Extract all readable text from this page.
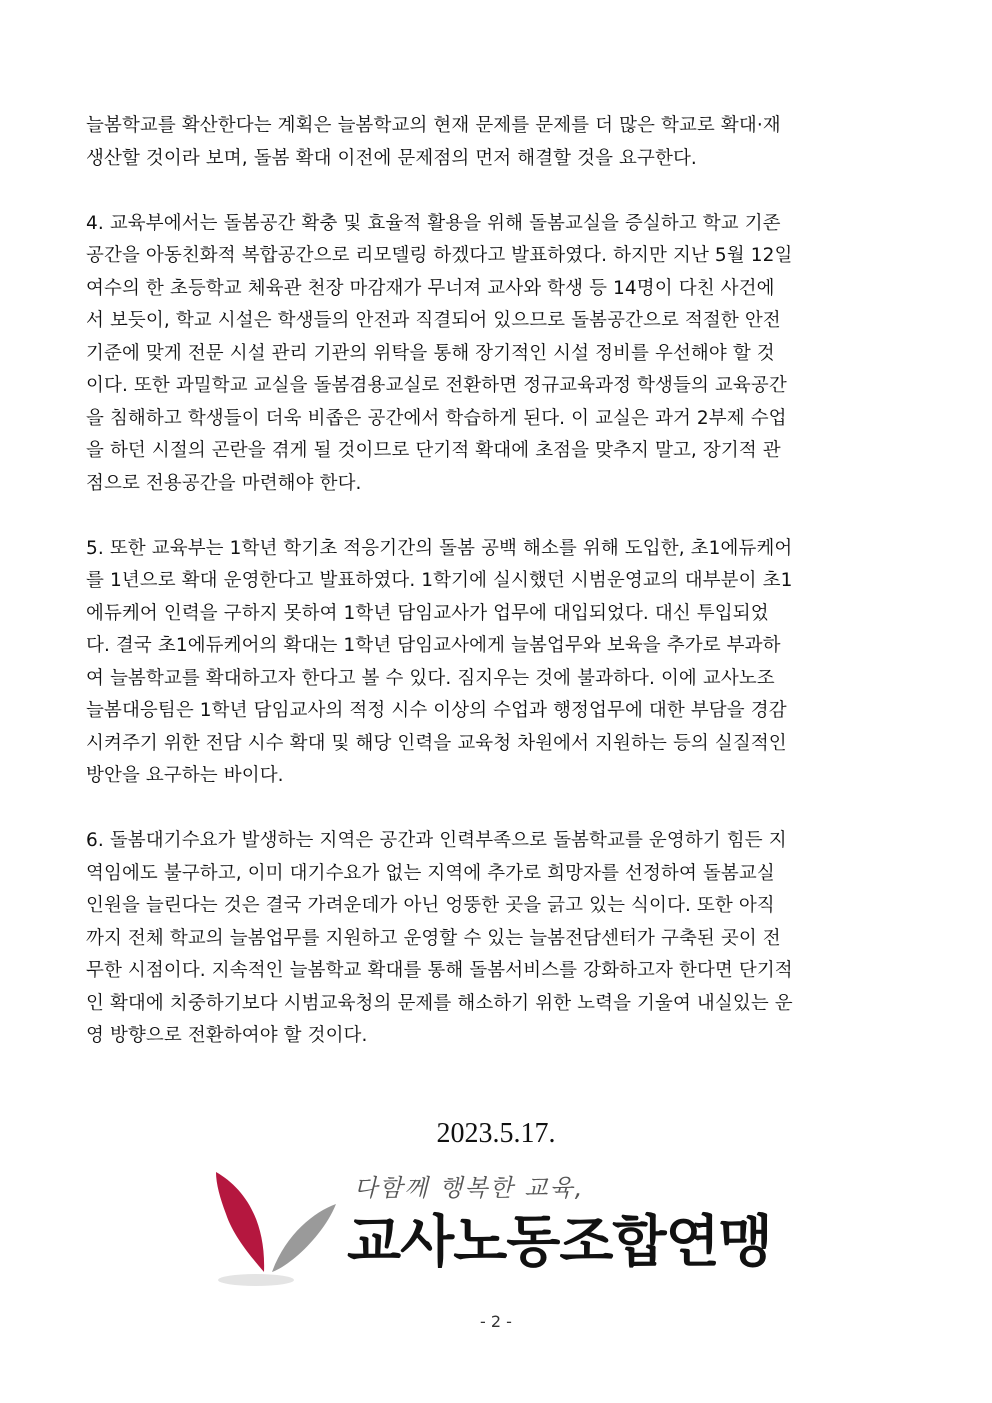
늘봄학교를 확산한다는 계획은 늘봄학교의 현재 문제를 문제를 더 많은 학교로 확대·재
생산할 것이라 보며, 돌봄 확대 이전에 문제점의 먼저 해결할 것을 요구한다.

4. 교육부에서는 돌봄공간 확충 및 효율적 활용을 위해 돌봄교실을 증실하고 학교 기존
공간을 아동친화적 복합공간으로 리모델링 하겠다고 발표하였다. 하지만 지난 5월 12일
여수의 한 초등학교 체육관 천장 마감재가 무너져 교사와 학생 등 14명이 다친 사건에
서 보듯이, 학교 시설은 학생들의 안전과 직결되어 있으므로 돌봄공간으로 적절한 안전
기준에 맞게 전문 시설 관리 기관의 위탁을 통해 장기적인 시설 정비를 우선해야 할 것
이다. 또한 과밀학교 교실을 돌봄겸용교실로 전환하면 정규교육과정 학생들의 교육공간
을 침해하고 학생들이 더욱 비좁은 공간에서 학습하게 된다. 이 교실은 과거 2부제 수업
을 하던 시절의 곤란을 겪게 될 것이므로 단기적 확대에 초점을 맞추지 말고, 장기적 관
점으로 전용공간을 마련해야 한다.

5. 또한 교육부는 1학년 학기초 적응기간의 돌봄 공백 해소를 위해 도입한, 초1에듀케어
를 1년으로 확대 운영한다고 발표하였다. 1학기에 실시했던 시범운영교의 대부분이 초1
에듀케어 인력을 구하지 못하여 1학년 담임교사가 업무에 대입되었다. 대신 투입되었
다. 결국 초1에듀케어의 확대는 1학년 담임교사에게 늘봄업무와 보육을 추가로 부과하
여 늘봄학교를 확대하고자 한다고 볼 수 있다. 짐지우는 것에 불과하다. 이에 교사노조
늘봄대응팀은 1학년 담임교사의 적정 시수 이상의 수업과 행정업무에 대한 부담을 경감
시켜주기 위한 전담 시수 확대 및 해당 인력을 교육청 차원에서 지원하는 등의 실질적인
방안을 요구하는 바이다.

6. 돌봄대기수요가 발생하는 지역은 공간과 인력부족으로 돌봄학교를 운영하기 힘든 지
역임에도 불구하고, 이미 대기수요가 없는 지역에 추가로 희망자를 선정하여 돌봄교실
인원을 늘린다는 것은 결국 가려운데가 아닌 엉뚱한 곳을 긁고 있는 식이다. 또한 아직
까지 전체 학교의 늘봄업무를 지원하고 운영할 수 있는 늘봄전담센터가 구축된 곳이 전
무한 시점이다. 지속적인 늘봄학교 확대를 통해 돌봄서비스를 강화하고자 한다면 단기적
인 확대에 치중하기보다 시범교육청의 문제를 해소하기 위한 노력을 기울여 내실있는 운
영 방향으로 전환하여야 할 것이다.

2023.5.17.
다함께 행복한 교육,
교사노동조합연맹
- 2 -
